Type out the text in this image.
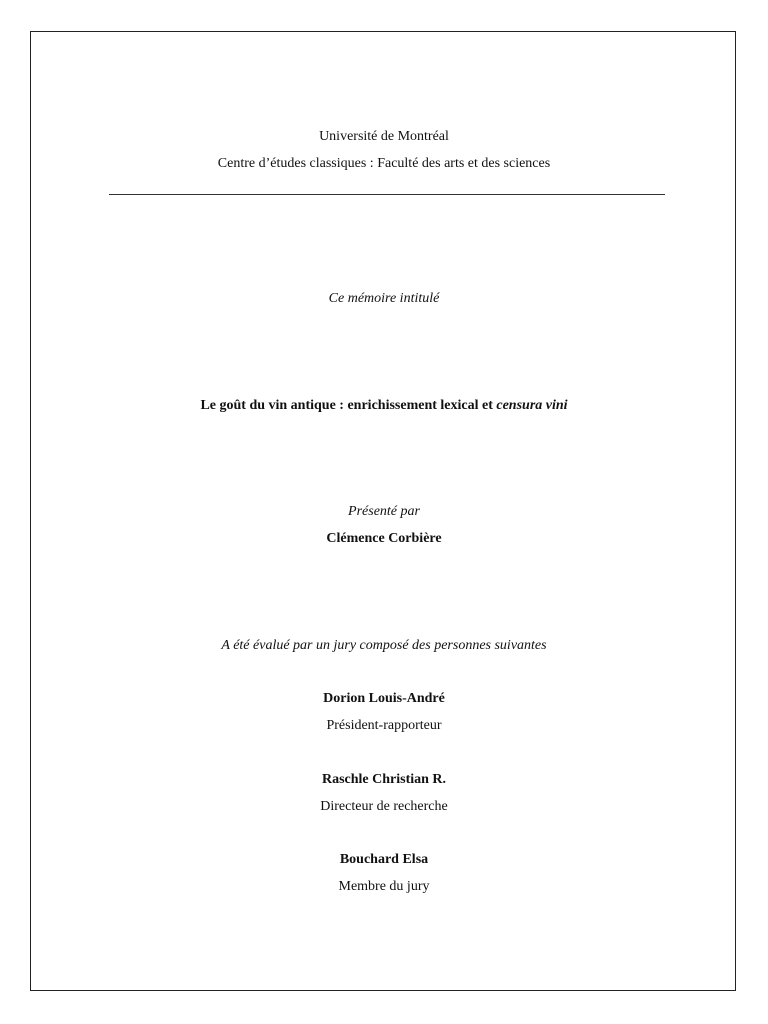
Université de Montréal
Centre d’études classiques : Faculté des arts et des sciences
Ce mémoire intitulé
Le goût du vin antique : enrichissement lexical et censura vini
Présenté par
Clémence Corbière
A été évalué par un jury composé des personnes suivantes
Dorion Louis-André
Président-rapporteur
Raschle Christian R.
Directeur de recherche
Bouchard Elsa
Membre du jury
